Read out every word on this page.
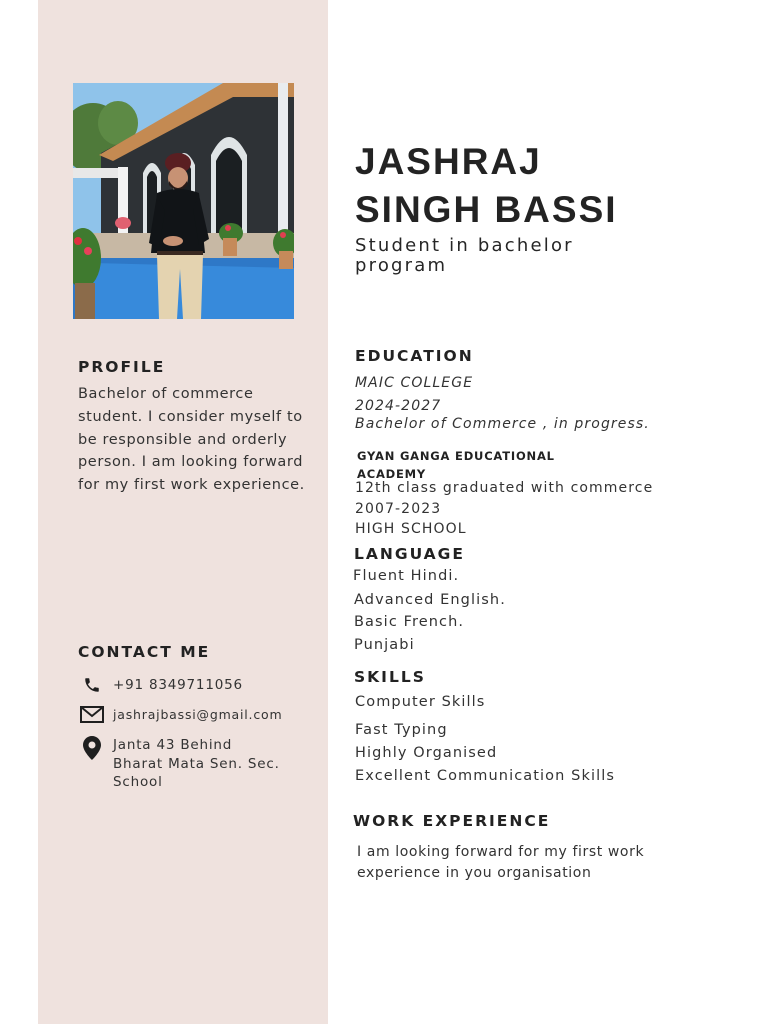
JASHRAJ
SINGH BASSI

Student in bachelor program

PROFILE

Bachelor of commerce student. I consider myself to be responsible and orderly person. I am looking forward for my first work experience.

CONTACT ME
+91 8349711056
jashrajbassi@gmail.com
Janta 43 Behind
Bharat Mata Sen. Sec.
School
EDUCATION

MAIC COLLEGE

2024-2027

Bachelor of Commerce , in progress.

GYAN GANGA EDUCATIONAL
ACADEMY

12th class graduated with commerce

2007-2023

HIGH SCHOOL

LANGUAGE

Fluent Hindi.

Advanced English.

Basic French.

Punjabi

SKILLS

Computer Skills

Fast Typing

Highly Organised

Excellent Communication Skills

WORK EXPERIENCE

I am looking forward for my first work

experience in you organisation
